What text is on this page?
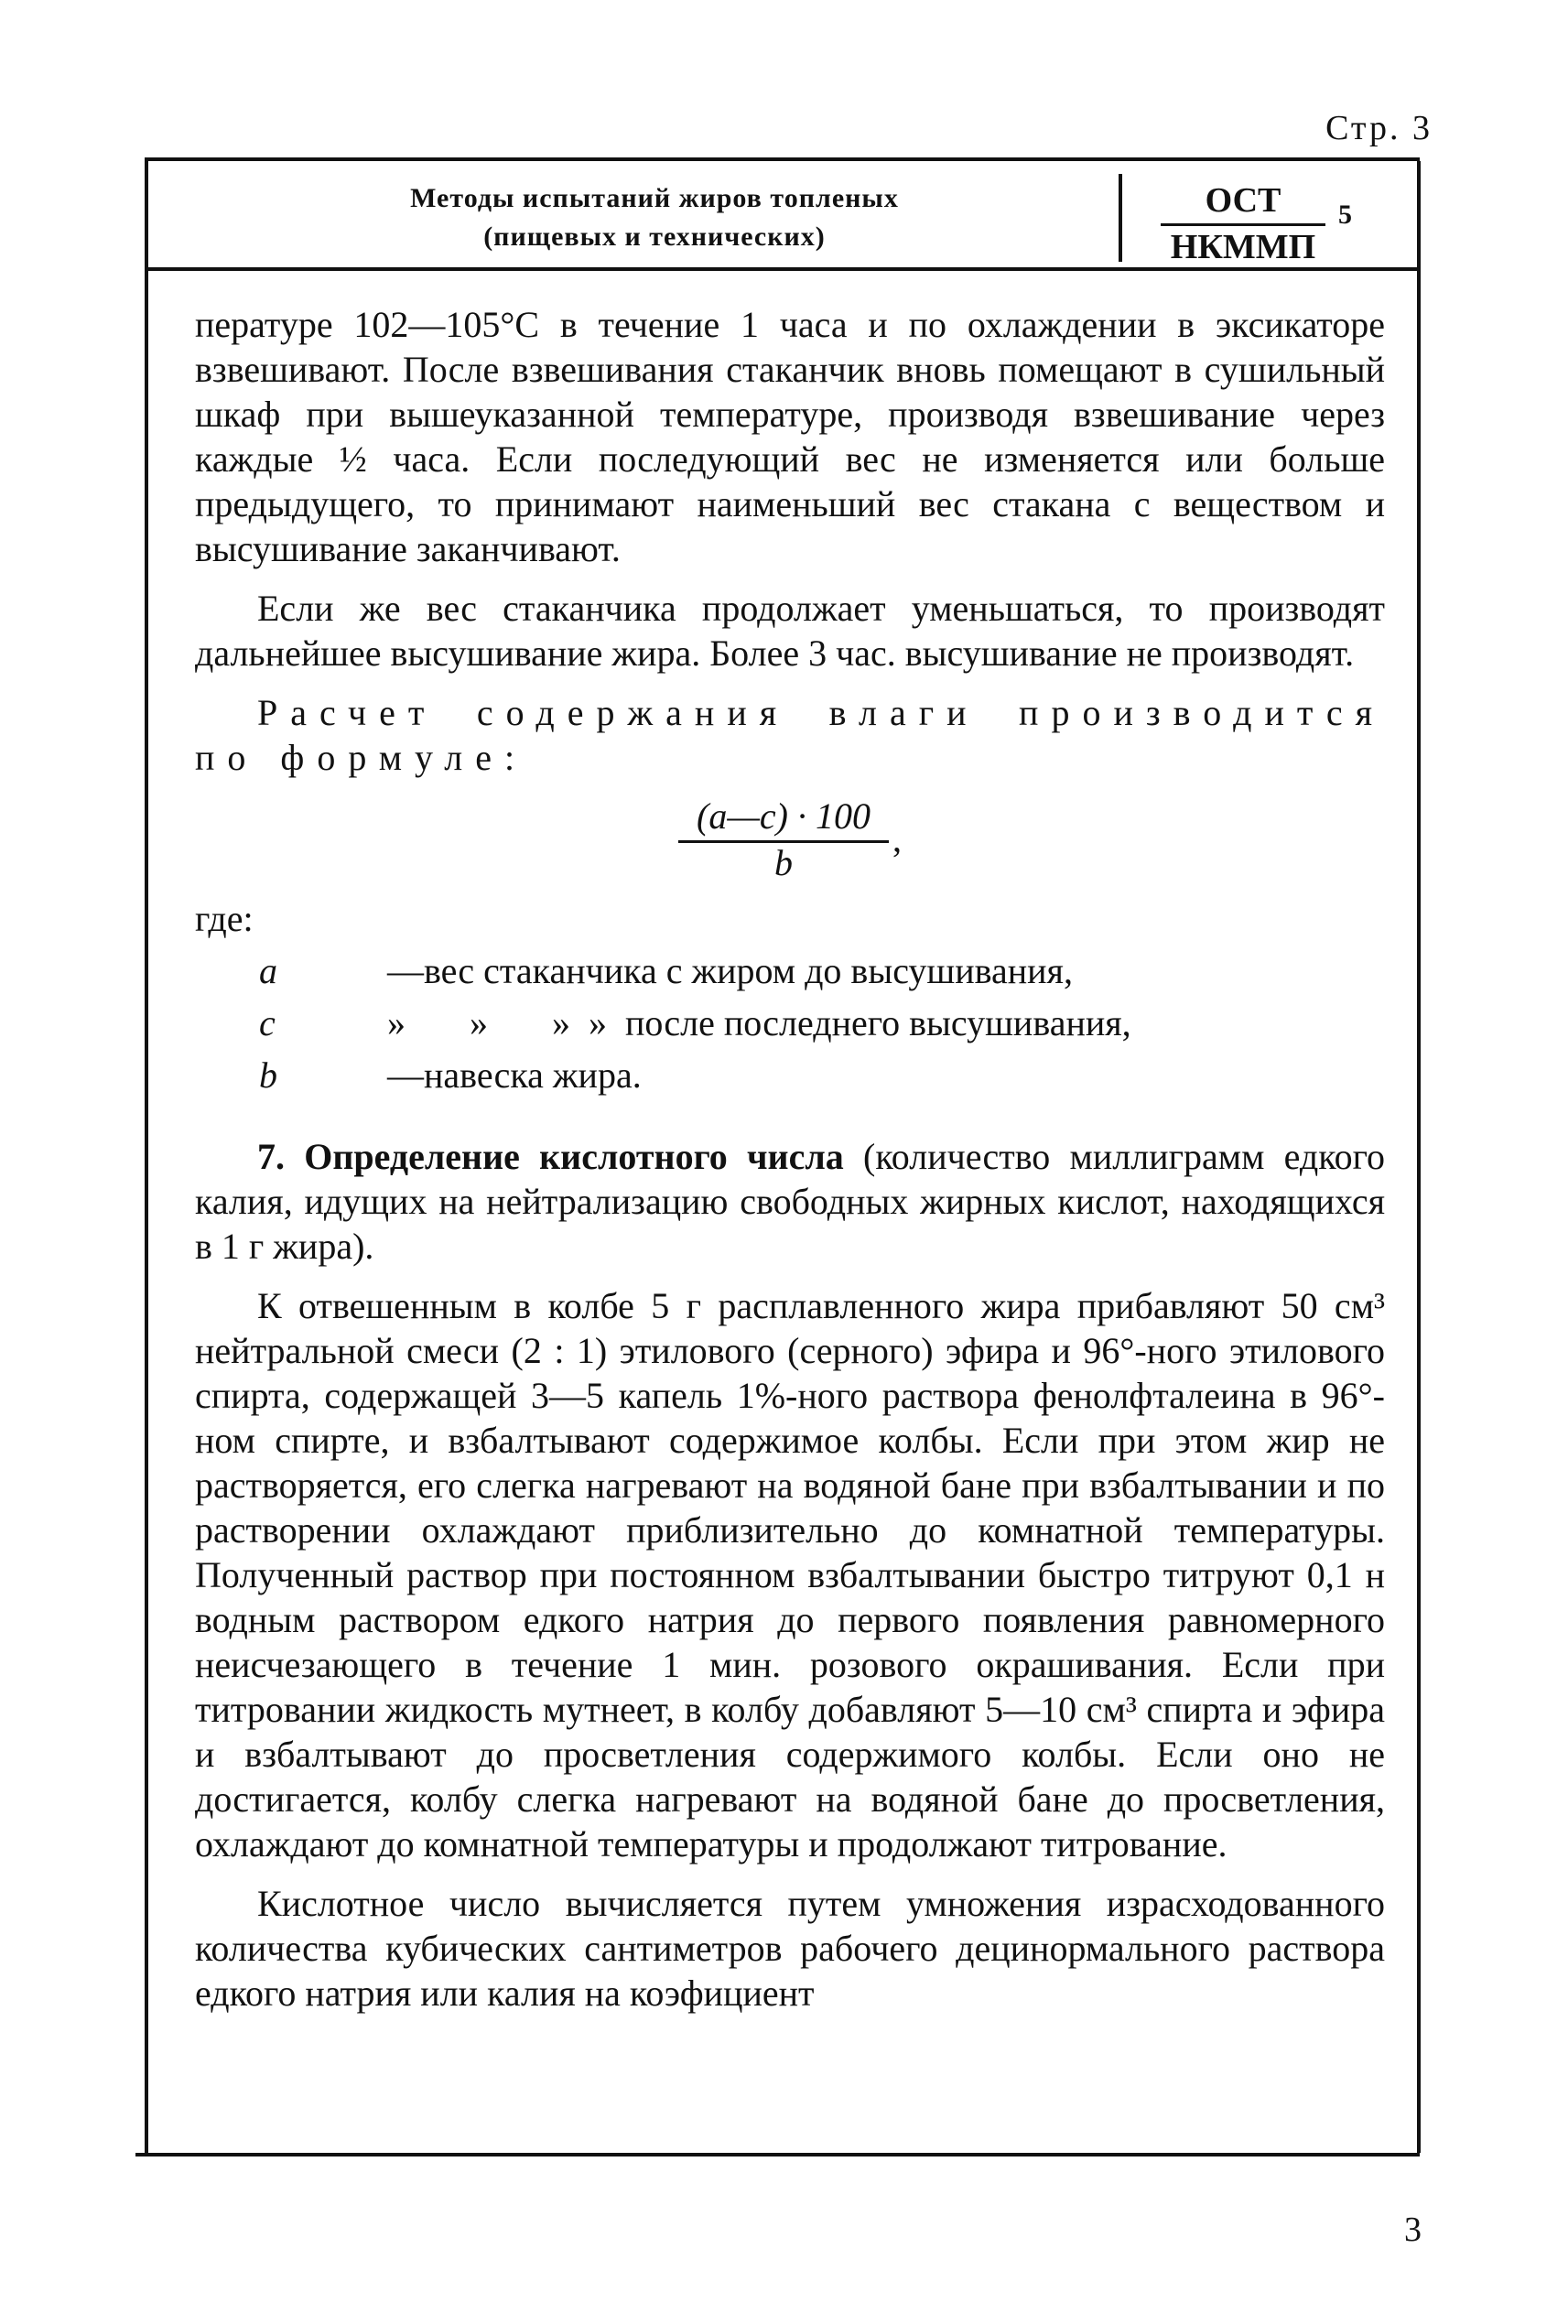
Стр. 3
Методы испытаний жиров топленых
(пищевых и технических)
ОСТ
НКММП
5

пературе 102—105°С в течение 1 часа и по охлаждении в эксикаторе взвешивают. После взвешивания стаканчик вновь помещают в сушильный шкаф при вышеуказанной температуре, производя взвешивание через каждые ½ часа. Если последующий вес не изменяется или больше предыдущего, то принимают наименьший вес стакана с веществом и высушивание заканчивают.

Если же вес стаканчика продолжает уменьшаться, то производят дальнейшее высушивание жира. Более 3 час. высушивание не производят.

Расчет содержания влаги производится по формуле:

$\frac{(a—c) \cdot 100}{b}$ ,

где:

a	—вес стаканчика с жиром до высушивания,
c	»       »       »  »  после последнего высушивания,
b	—навеска жира.

7. Определение кислотного числа (количество миллиграмм едкого калия, идущих на нейтрализацию свободных жирных кислот, находящихся в 1 г жира).

К отвешенным в колбе 5 г расплавленного жира прибавляют 50 см³ нейтральной смеси (2 : 1) этилового (серного) эфира и 96°-ного этилового спирта, содержащей 3—5 капель 1%-ного раствора фенолфталеина в 96°-ном спирте, и взбалтывают содержимое колбы. Если при этом жир не растворяется, его слегка нагревают на водяной бане при взбалтывании и по растворении охлаждают приблизительно до комнатной температуры. Полученный раствор при постоянном взбалтывании быстро титруют 0,1 н водным раствором едкого натрия до первого появления равномерного неисчезающего в течение 1 мин. розового окрашивания. Если при титровании жидкость мутнеет, в колбу добавляют 5—10 см³ спирта и эфира и взбалтывают до просветления содержимого колбы. Если оно не достигается, колбу слегка нагревают на водяной бане до просветления, охлаждают до комнатной температуры и продолжают титрование.

Кислотное число вычисляется путем умножения израсходованного количества кубических сантиметров рабочего децинормального раствора едкого натрия или калия на коэфициент

3
